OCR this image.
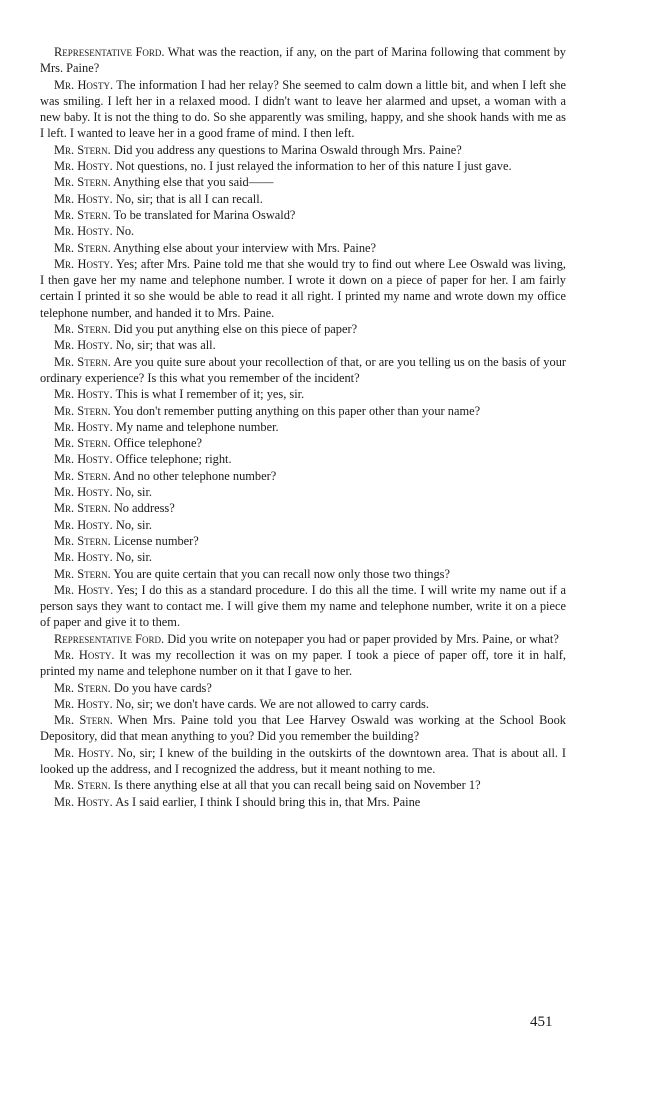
Representative Ford. What was the reaction, if any, on the part of Marina following that comment by Mrs. Paine?

Mr. Hosty. The information I had her relay? She seemed to calm down a little bit, and when I left she was smiling. I left her in a relaxed mood. I didn't want to leave her alarmed and upset, a woman with a new baby. It is not the thing to do. So she apparently was smiling, happy, and she shook hands with me as I left. I wanted to leave her in a good frame of mind. I then left.

Mr. Stern. Did you address any questions to Marina Oswald through Mrs. Paine?

Mr. Hosty. Not questions, no. I just relayed the information to her of this nature I just gave.

Mr. Stern. Anything else that you said——

Mr. Hosty. No, sir; that is all I can recall.

Mr. Stern. To be translated for Marina Oswald?

Mr. Hosty. No.

Mr. Stern. Anything else about your interview with Mrs. Paine?

Mr. Hosty. Yes; after Mrs. Paine told me that she would try to find out where Lee Oswald was living, I then gave her my name and telephone number. I wrote it down on a piece of paper for her. I am fairly certain I printed it so she would be able to read it all right. I printed my name and wrote down my office telephone number, and handed it to Mrs. Paine.

Mr. Stern. Did you put anything else on this piece of paper?

Mr. Hosty. No, sir; that was all.

Mr. Stern. Are you quite sure about your recollection of that, or are you telling us on the basis of your ordinary experience? Is this what you remember of the incident?

Mr. Hosty. This is what I remember of it; yes, sir.

Mr. Stern. You don't remember putting anything on this paper other than your name?

Mr. Hosty. My name and telephone number.

Mr. Stern. Office telephone?

Mr. Hosty. Office telephone; right.

Mr. Stern. And no other telephone number?

Mr. Hosty. No, sir.

Mr. Stern. No address?

Mr. Hosty. No, sir.

Mr. Stern. License number?

Mr. Hosty. No, sir.

Mr. Stern. You are quite certain that you can recall now only those two things?

Mr. Hosty. Yes; I do this as a standard procedure. I do this all the time. I will write my name out if a person says they want to contact me. I will give them my name and telephone number, write it on a piece of paper and give it to them.

Representative Ford. Did you write on notepaper you had or paper provided by Mrs. Paine, or what?

Mr. Hosty. It was my recollection it was on my paper. I took a piece of paper off, tore it in half, printed my name and telephone number on it that I gave to her.

Mr. Stern. Do you have cards?

Mr. Hosty. No, sir; we don't have cards. We are not allowed to carry cards.

Mr. Stern. When Mrs. Paine told you that Lee Harvey Oswald was working at the School Book Depository, did that mean anything to you? Did you remember the building?

Mr. Hosty. No, sir; I knew of the building in the outskirts of the downtown area. That is about all. I looked up the address, and I recognized the address, but it meant nothing to me.

Mr. Stern. Is there anything else at all that you can recall being said on November 1?

Mr. Hosty. As I said earlier, I think I should bring this in, that Mrs. Paine

451
